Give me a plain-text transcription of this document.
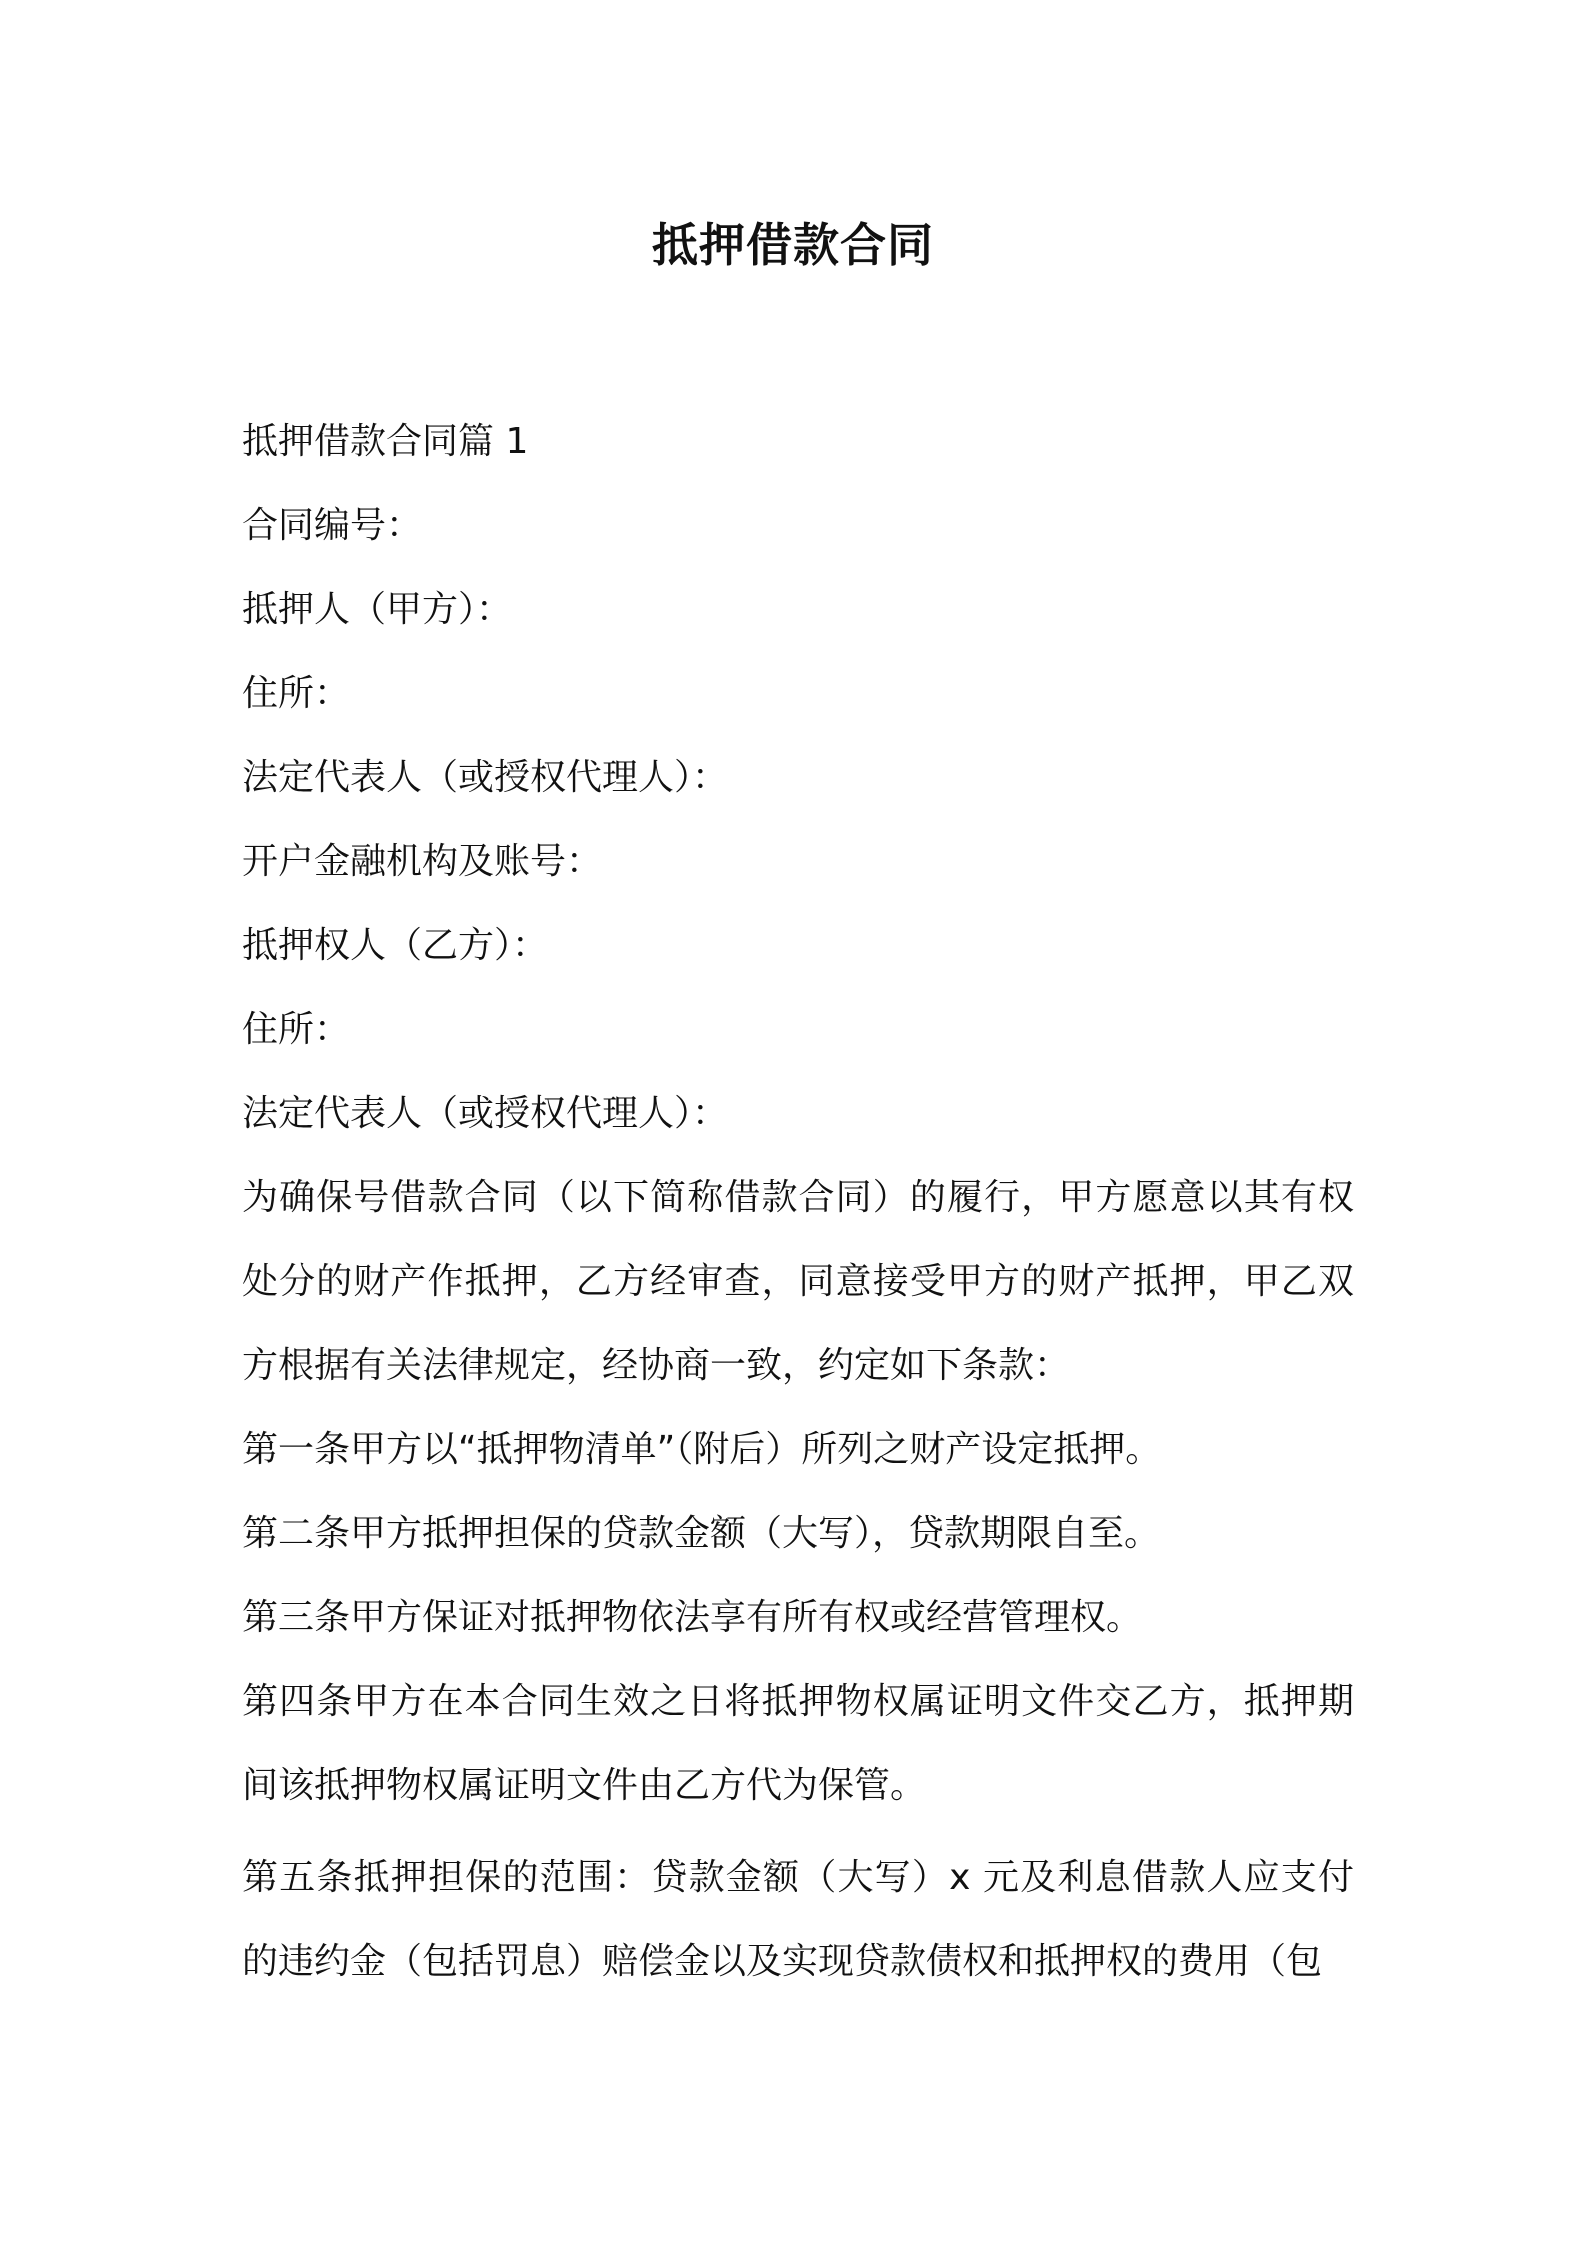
抵押借款合同
抵押借款合同篇 1
合同编号：
抵押人（甲方）：
住所：
法定代表人（或授权代理人）：
开户金融机构及账号：
抵押权人（乙方）：
住所：
法定代表人（或授权代理人）：
为确保号借款合同（以下简称借款合同）的履行，甲方愿意以其有权处分的财产作抵押，乙方经审查，同意接受甲方的财产抵押，甲乙双方根据有关法律规定，经协商一致，约定如下条款：
第一条甲方以“抵押物清单”（附后）所列之财产设定抵押。
第二条甲方抵押担保的贷款金额（大写），贷款期限自至。
第三条甲方保证对抵押物依法享有所有权或经营管理权。
第四条甲方在本合同生效之日将抵押物权属证明文件交乙方，抵押期间该抵押物权属证明文件由乙方代为保管。
第五条抵押担保的范围：贷款金额（大写）x 元及利息借款人应支付的违约金（包括罚息）赔偿金以及实现贷款债权和抵押权的费用（包
